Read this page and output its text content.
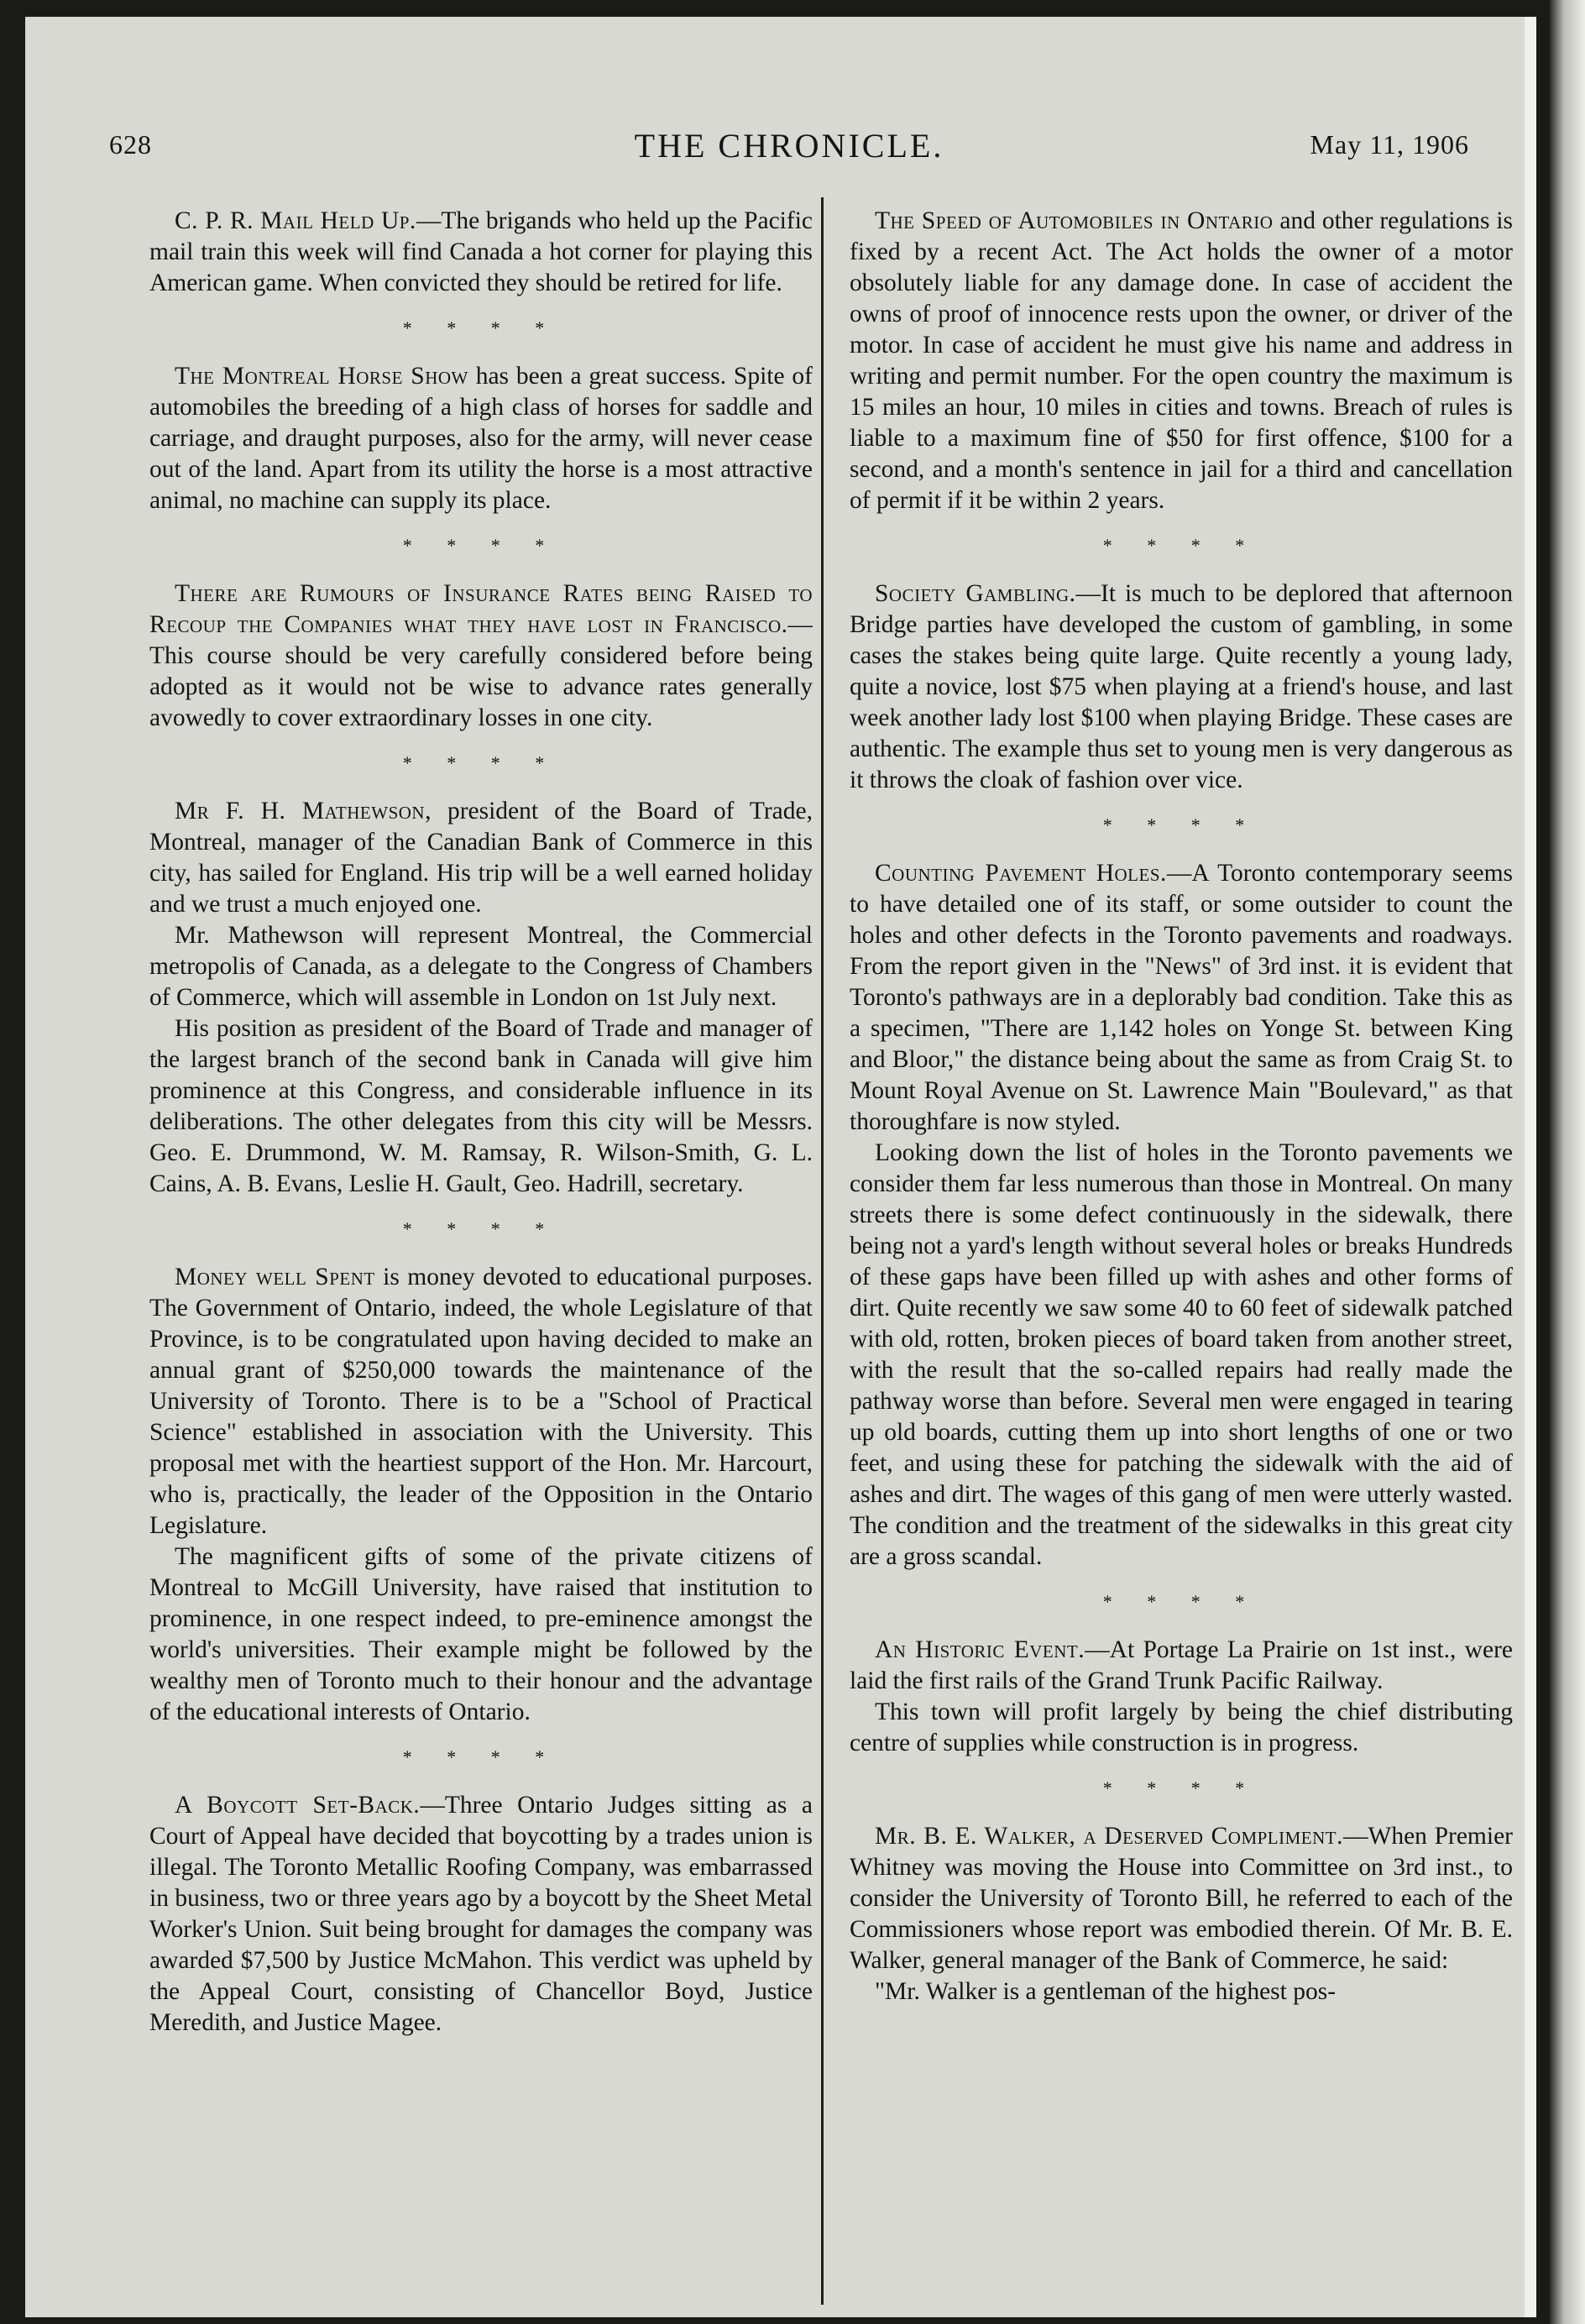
628	THE CHRONICLE.	May 11, 1906

C. P. R. Mail Held Up.—The brigands who held up the Pacific mail train this week will find Canada a hot corner for playing this American game. When convicted they should be retired for life.

* * * *

The Montreal Horse Show has been a great success. Spite of automobiles the breeding of a high class of horses for saddle and carriage, and draught purposes, also for the army, will never cease out of the land. Apart from its utility the horse is a most attractive animal, no machine can supply its place.

* * * *

There are Rumours of Insurance Rates being Raised to Recoup the Companies what they have lost in Francisco.—This course should be very carefully considered before being adopted as it would not be wise to advance rates generally avowedly to cover extraordinary losses in one city.

* * * *

Mr F. H. Mathewson, president of the Board of Trade, Montreal, manager of the Canadian Bank of Commerce in this city, has sailed for England. His trip will be a well earned holiday and we trust a much enjoyed one.

Mr. Mathewson will represent Montreal, the Commercial metropolis of Canada, as a delegate to the Congress of Chambers of Commerce, which will assemble in London on 1st July next.

His position as president of the Board of Trade and manager of the largest branch of the second bank in Canada will give him prominence at this Congress, and considerable influence in its deliberations. The other delegates from this city will be Messrs. Geo. E. Drummond, W. M. Ramsay, R. Wilson-Smith, G. L. Cains, A. B. Evans, Leslie H. Gault, Geo. Hadrill, secretary.

* * * *

Money well Spent is money devoted to educational purposes. The Government of Ontario, indeed, the whole Legislature of that Province, is to be congratulated upon having decided to make an annual grant of $250,000 towards the maintenance of the University of Toronto. There is to be a "School of Practical Science" established in association with the University. This proposal met with the heartiest support of the Hon. Mr. Harcourt, who is, practically, the leader of the Opposition in the Ontario Legislature.

The magnificent gifts of some of the private citizens of Montreal to McGill University, have raised that institution to prominence, in one respect indeed, to pre-eminence amongst the world's universities. Their example might be followed by the wealthy men of Toronto much to their honour and the advantage of the educational interests of Ontario.

* * * *

A Boycott Set-Back.—Three Ontario Judges sitting as a Court of Appeal have decided that boycotting by a trades union is illegal. The Toronto Metallic Roofing Company, was embarrassed in business, two or three years ago by a boycott by the Sheet Metal Worker's Union. Suit being brought for damages the company was awarded $7,500 by Justice McMahon. This verdict was upheld by the Appeal Court, consisting of Chancellor Boyd, Justice Meredith, and Justice Magee.

The Speed of Automobiles in Ontario and other regulations is fixed by a recent Act. The Act holds the owner of a motor obsolutely liable for any damage done. In case of accident the owns of proof of innocence rests upon the owner, or driver of the motor. In case of accident he must give his name and address in writing and permit number. For the open country the maximum is 15 miles an hour, 10 miles in cities and towns. Breach of rules is liable to a maximum fine of $50 for first offence, $100 for a second, and a month's sentence in jail for a third and cancellation of permit if it be within 2 years.

* * * *

Society Gambling.—It is much to be deplored that afternoon Bridge parties have developed the custom of gambling, in some cases the stakes being quite large. Quite recently a young lady, quite a novice, lost $75 when playing at a friend's house, and last week another lady lost $100 when playing Bridge. These cases are authentic. The example thus set to young men is very dangerous as it throws the cloak of fashion over vice.

* * * *

Counting Pavement Holes.—A Toronto contemporary seems to have detailed one of its staff, or some outsider to count the holes and other defects in the Toronto pavements and roadways. From the report given in the "News" of 3rd inst. it is evident that Toronto's pathways are in a deplorably bad condition. Take this as a specimen, "There are 1,142 holes on Yonge St. between King and Bloor," the distance being about the same as from Craig St. to Mount Royal Avenue on St. Lawrence Main "Boulevard," as that thoroughfare is now styled.

Looking down the list of holes in the Toronto pavements we consider them far less numerous than those in Montreal. On many streets there is some defect continuously in the sidewalk, there being not a yard's length without several holes or breaks Hundreds of these gaps have been filled up with ashes and other forms of dirt. Quite recently we saw some 40 to 60 feet of sidewalk patched with old, rotten, broken pieces of board taken from another street, with the result that the so-called repairs had really made the pathway worse than before. Several men were engaged in tearing up old boards, cutting them up into short lengths of one or two feet, and using these for patching the sidewalk with the aid of ashes and dirt. The wages of this gang of men were utterly wasted. The condition and the treatment of the sidewalks in this great city are a gross scandal.

* * * *

An Historic Event.—At Portage La Prairie on 1st inst., were laid the first rails of the Grand Trunk Pacific Railway.

This town will profit largely by being the chief distributing centre of supplies while construction is in progress.

* * * *

Mr. B. E. Walker, a Deserved Compliment.—When Premier Whitney was moving the House into Committee on 3rd inst., to consider the University of Toronto Bill, he referred to each of the Commissioners whose report was embodied therein. Of Mr. B. E. Walker, general manager of the Bank of Commerce, he said:

"Mr. Walker is a gentleman of the highest pos-
